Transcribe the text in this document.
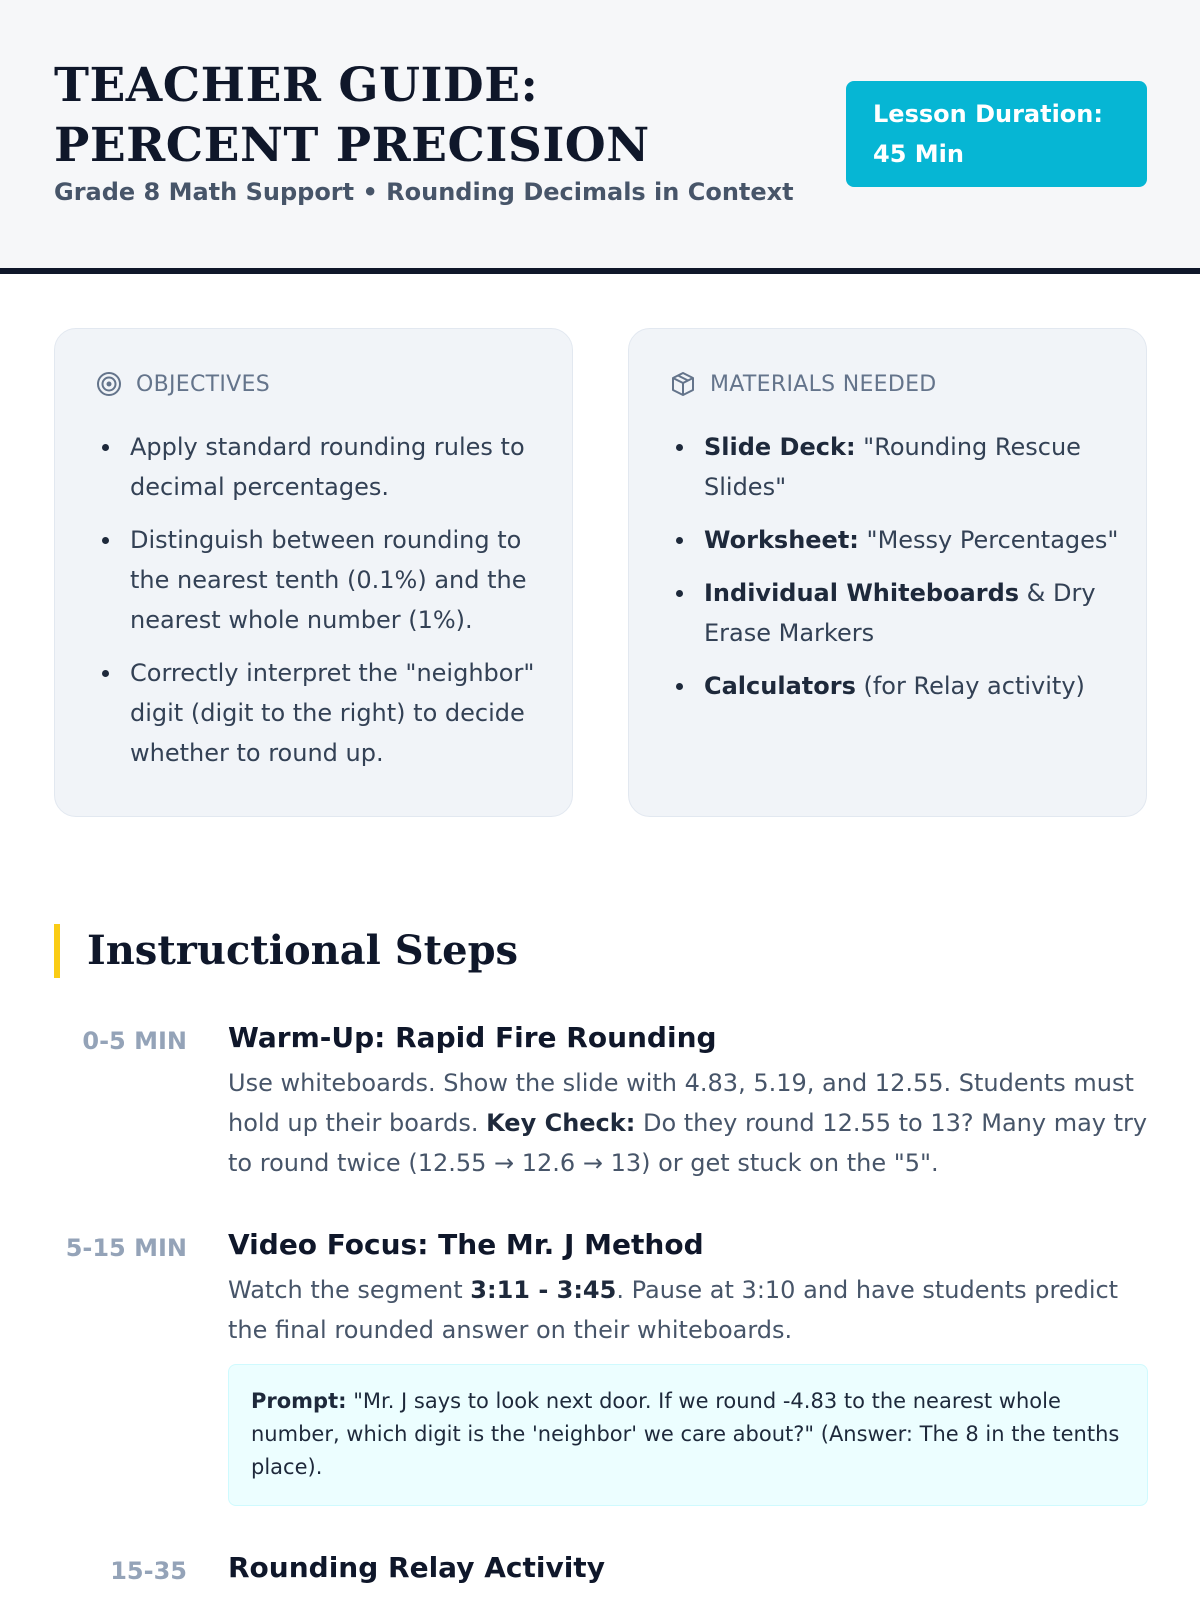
TEACHER GUIDE: PERCENT PRECISION
Grade 8 Math Support • Rounding Decimals in Context
Lesson Duration: 45 Min
OBJECTIVES
Apply standard rounding rules to decimal percentages.
Distinguish between rounding to the nearest tenth (0.1%) and the nearest whole number (1%).
Correctly interpret the "neighbor" digit (digit to the right) to decide whether to round up.
MATERIALS NEEDED
Slide Deck: "Rounding Rescue Slides"
Worksheet: "Messy Percentages"
Individual Whiteboards & Dry Erase Markers
Calculators (for Relay activity)
Instructional Steps
0-5 MIN Warm-Up: Rapid Fire Rounding
Use whiteboards. Show the slide with 4.83, 5.19, and 12.55. Students must hold up their boards. Key Check: Do they round 12.55 to 13? Many may try to round twice (12.55 → 12.6 → 13) or get stuck on the "5".
5-15 MIN Video Focus: The Mr. J Method
Watch the segment 3:11 - 3:45. Pause at 3:10 and have students predict the final rounded answer on their whiteboards.
Prompt: "Mr. J says to look next door. If we round -4.83 to the nearest whole number, which digit is the 'neighbor' we care about?" (Answer: The 8 in the tenths place).
15-35 Rounding Relay Activity
